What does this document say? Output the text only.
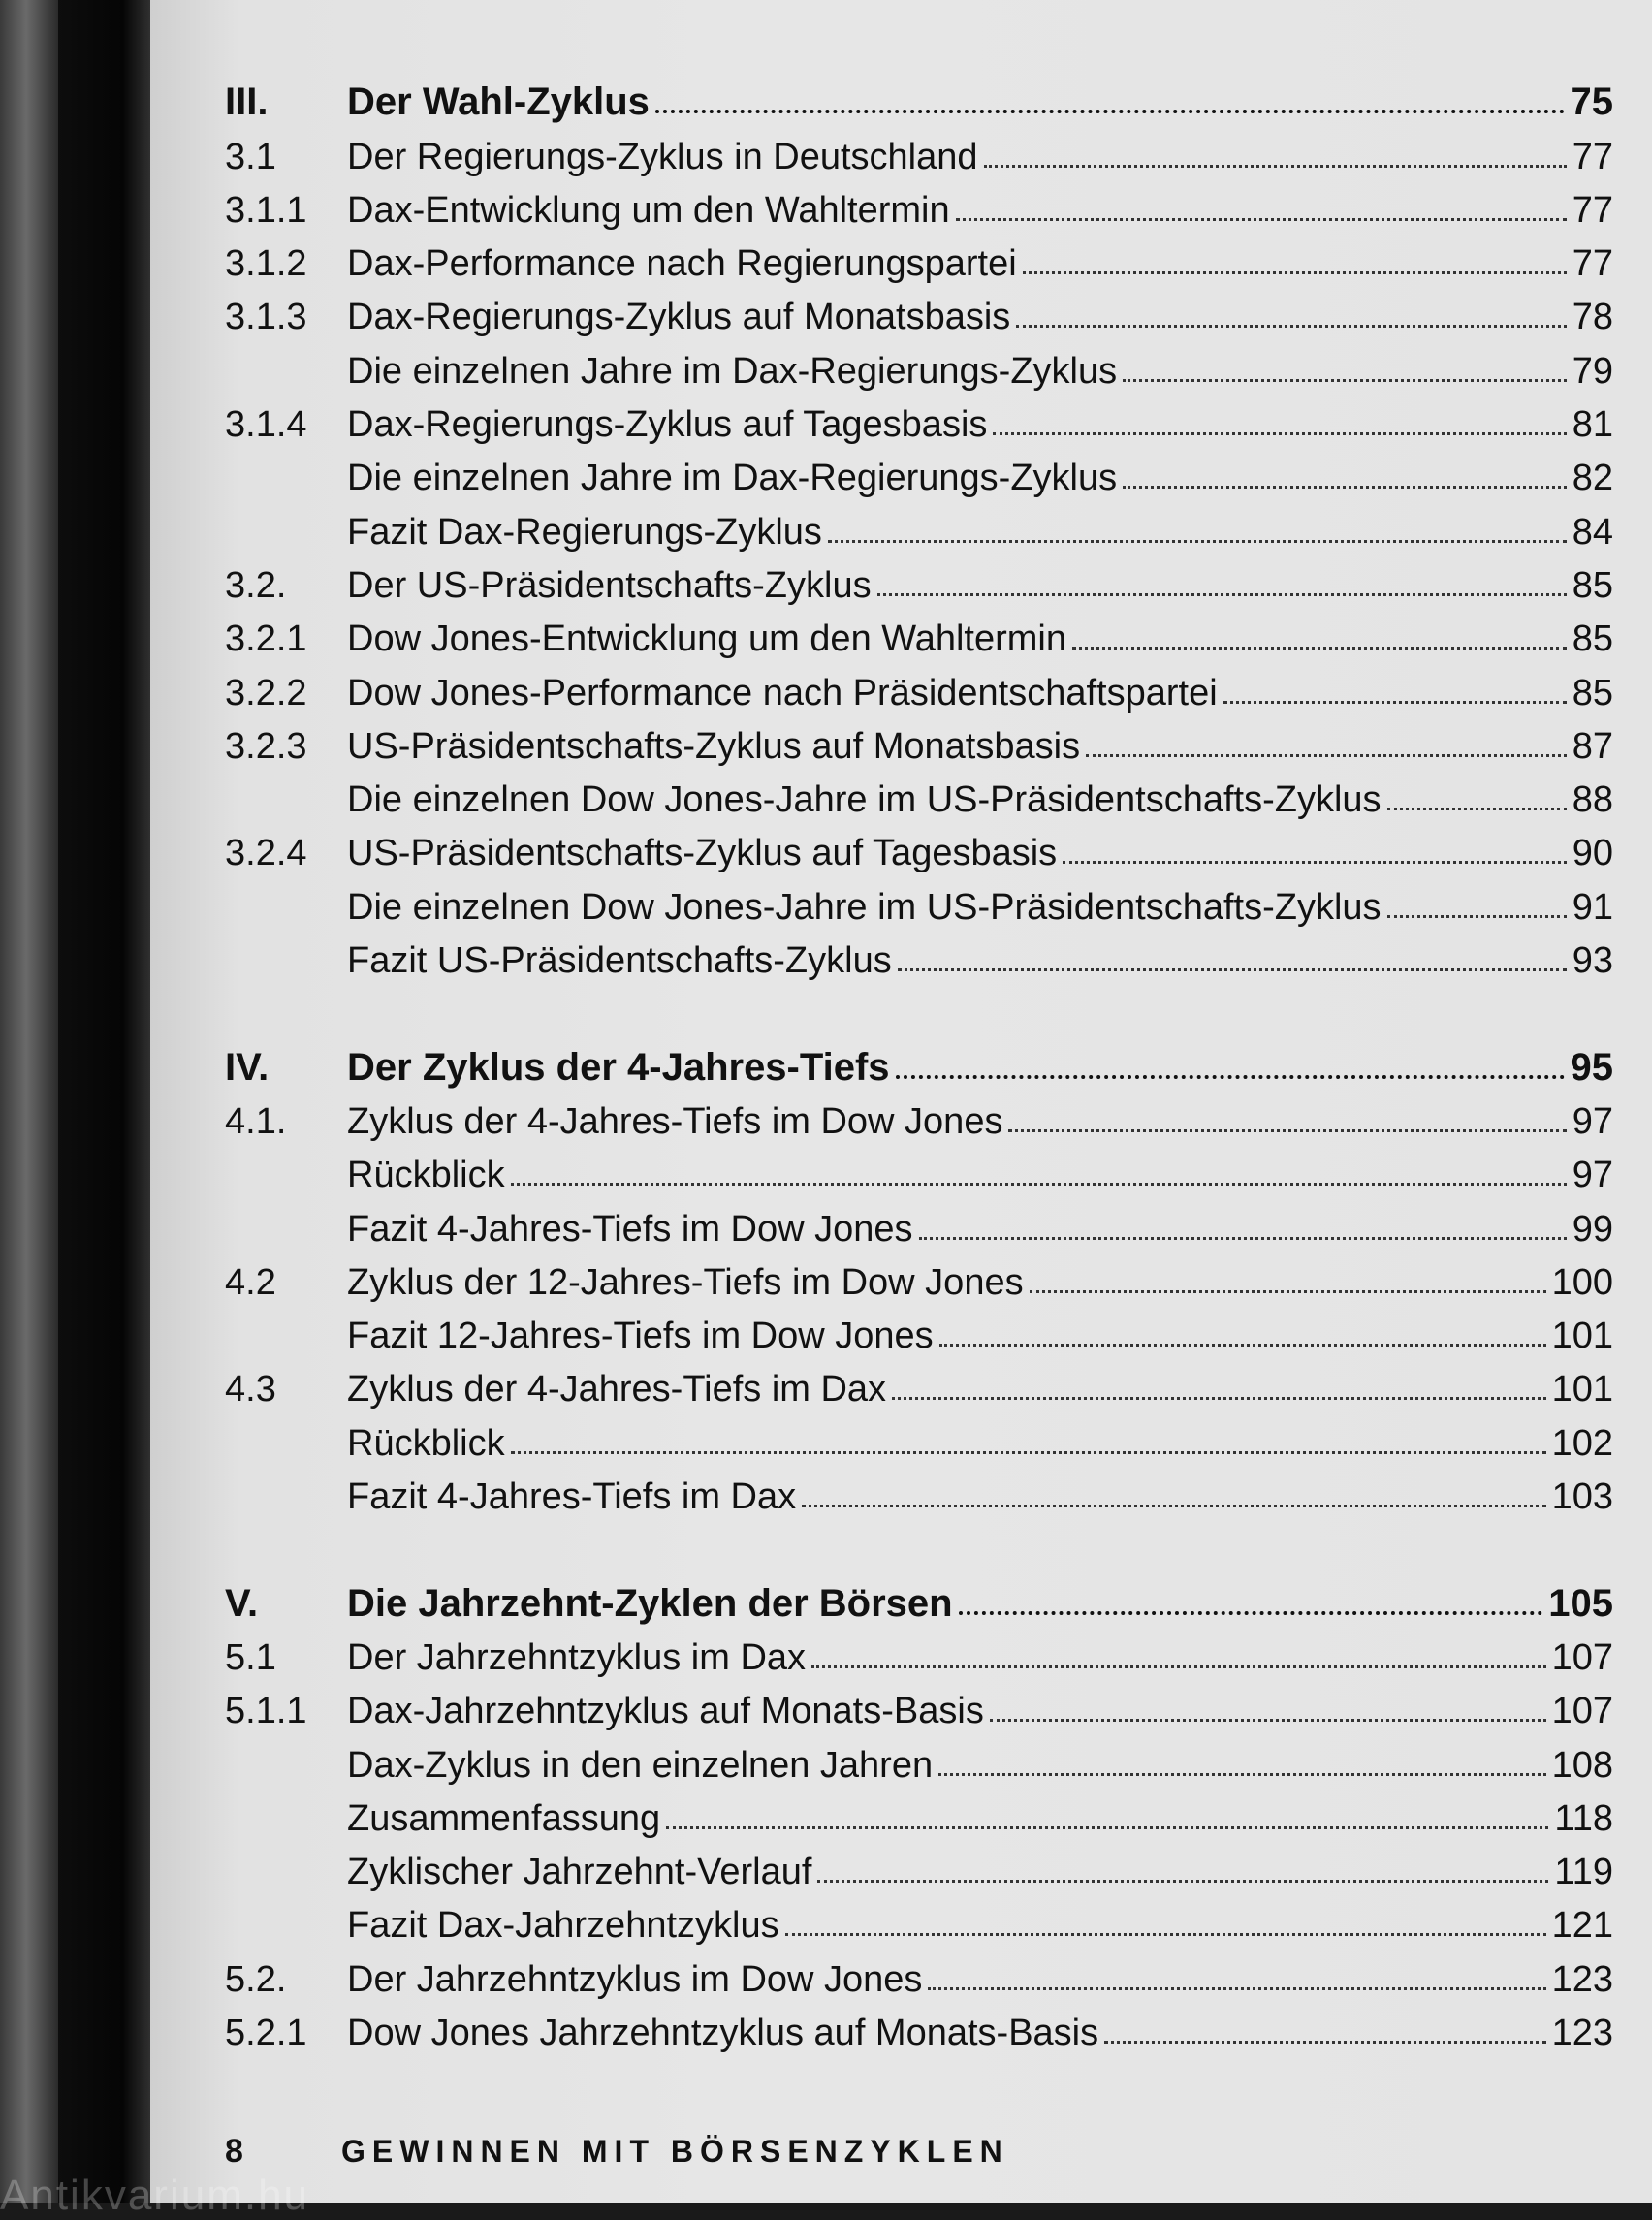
III.	Der Wahl-Zyklus	75
3.1	Der Regierungs-Zyklus in Deutschland	77
3.1.1	Dax-Entwicklung um den Wahltermin	77
3.1.2	Dax-Performance nach Regierungspartei	77
3.1.3	Dax-Regierungs-Zyklus auf Monatsbasis	78
Die einzelnen Jahre im Dax-Regierungs-Zyklus	79
3.1.4	Dax-Regierungs-Zyklus auf Tagesbasis	81
Die einzelnen Jahre im Dax-Regierungs-Zyklus	82
Fazit Dax-Regierungs-Zyklus	84
3.2.	Der US-Präsidentschafts-Zyklus	85
3.2.1	Dow Jones-Entwicklung um den Wahltermin	85
3.2.2	Dow Jones-Performance nach Präsidentschaftspartei	85
3.2.3	US-Präsidentschafts-Zyklus auf Monatsbasis	87
Die einzelnen Dow Jones-Jahre im US-Präsidentschafts-Zyklus	88
3.2.4	US-Präsidentschafts-Zyklus auf Tagesbasis	90
Die einzelnen Dow Jones-Jahre im US-Präsidentschafts-Zyklus	91
Fazit US-Präsidentschafts-Zyklus	93
IV.	Der Zyklus der 4-Jahres-Tiefs	95
4.1.	Zyklus der 4-Jahres-Tiefs im Dow Jones	97
Rückblick	97
Fazit 4-Jahres-Tiefs im Dow Jones	99
4.2	Zyklus der 12-Jahres-Tiefs im Dow Jones	100
Fazit 12-Jahres-Tiefs im Dow Jones	101
4.3	Zyklus der 4-Jahres-Tiefs im Dax	101
Rückblick	102
Fazit 4-Jahres-Tiefs im Dax	103
V.	Die Jahrzehnt-Zyklen der Börsen	105
5.1	Der Jahrzehntzyklus im Dax	107
5.1.1	Dax-Jahrzehntzyklus auf Monats-Basis	107
Dax-Zyklus in den einzelnen Jahren	108
Zusammenfassung	118
Zyklischer Jahrzehnt-Verlauf	119
Fazit Dax-Jahrzehntzyklus	121
5.2.	Der Jahrzehntzyklus im Dow Jones	123
5.2.1	Dow Jones Jahrzehntzyklus auf Monats-Basis	123
8	GEWINNEN MIT BÖRSENZYKLEN
Antikvarium.hu
